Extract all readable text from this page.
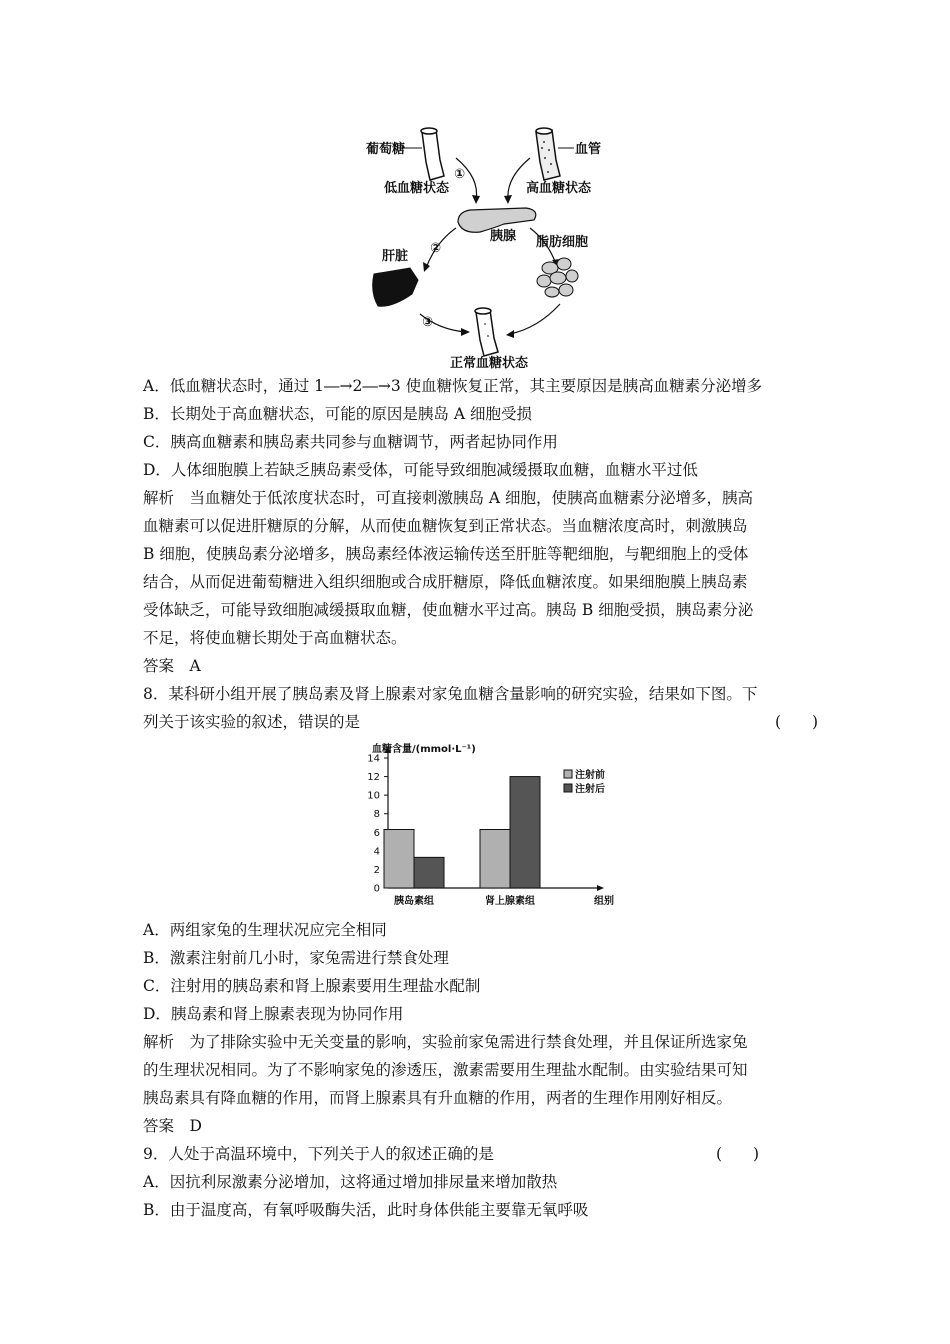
葡萄糖
低血糖状态
血管
高血糖状态
①
胰腺
②
肝脏
脂肪细胞
③
正常血糖状态
A．低血糖状态时，通过 1―→2―→3 使血糖恢复正常，其主要原因是胰高血糖素分泌增多
B．长期处于高血糖状态，可能的原因是胰岛 A 细胞受损
C．胰高血糖素和胰岛素共同参与血糖调节，两者起协同作用
D．人体细胞膜上若缺乏胰岛素受体，可能导致细胞减缓摄取血糖，血糖水平过低
解析　当血糖处于低浓度状态时，可直接刺激胰岛 A 细胞，使胰高血糖素分泌增多，胰高
血糖素可以促进肝糖原的分解，从而使血糖恢复到正常状态。当血糖浓度高时，刺激胰岛
B 细胞，使胰岛素分泌增多，胰岛素经体液运输传送至肝脏等靶细胞，与靶细胞上的受体
结合，从而促进葡萄糖进入组织细胞或合成肝糖原，降低血糖浓度。如果细胞膜上胰岛素
受体缺乏，可能导致细胞减缓摄取血糖，使血糖水平过高。胰岛 B 细胞受损，胰岛素分泌
不足，将使血糖长期处于高血糖状态。
答案　A
8．某科研小组开展了胰岛素及肾上腺素对家兔血糖含量影响的研究实验，结果如下图。下
列关于该实验的叙述，错误的是	(　　)
血糖含量/(mmol·L⁻¹)
0
2
4
6
8
10
12
14
胰岛素组	肾上腺素组	组别
注射前
注射后
A．两组家兔的生理状况应完全相同
B．激素注射前几小时，家兔需进行禁食处理
C．注射用的胰岛素和肾上腺素要用生理盐水配制
D．胰岛素和肾上腺素表现为协同作用
解析　为了排除实验中无关变量的影响，实验前家兔需进行禁食处理，并且保证所选家兔
的生理状况相同。为了不影响家兔的渗透压，激素需要用生理盐水配制。由实验结果可知
胰岛素具有降血糖的作用，而肾上腺素具有升血糖的作用，两者的生理作用刚好相反。
答案　D
9．人处于高温环境中，下列关于人的叙述正确的是	(　　)
A．因抗利尿激素分泌增加，这将通过增加排尿量来增加散热
B．由于温度高，有氧呼吸酶失活，此时身体供能主要靠无氧呼吸
